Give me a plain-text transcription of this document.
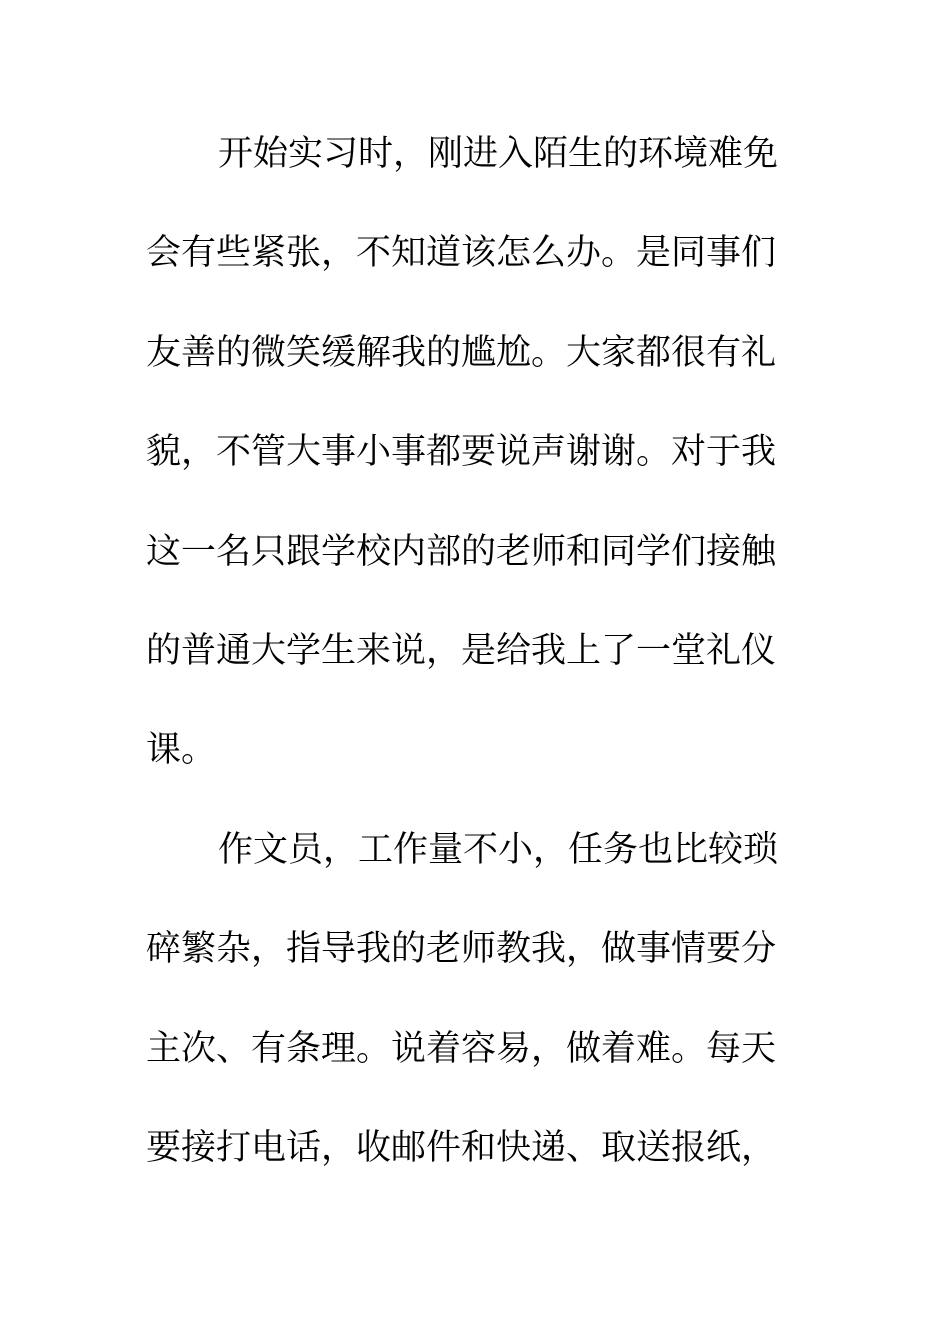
开始实习时，刚进入陌生的环境难免
会有些紧张，不知道该怎么办。是同事们
友善的微笑缓解我的尴尬。大家都很有礼
貌，不管大事小事都要说声谢谢。对于我
这一名只跟学校内部的老师和同学们接触
的普通大学生来说，是给我上了一堂礼仪
课。
作文员，工作量不小，任务也比较琐
碎繁杂，指导我的老师教我，做事情要分
主次、有条理。说着容易，做着难。每天
要接打电话，收邮件和快递、取送报纸，
